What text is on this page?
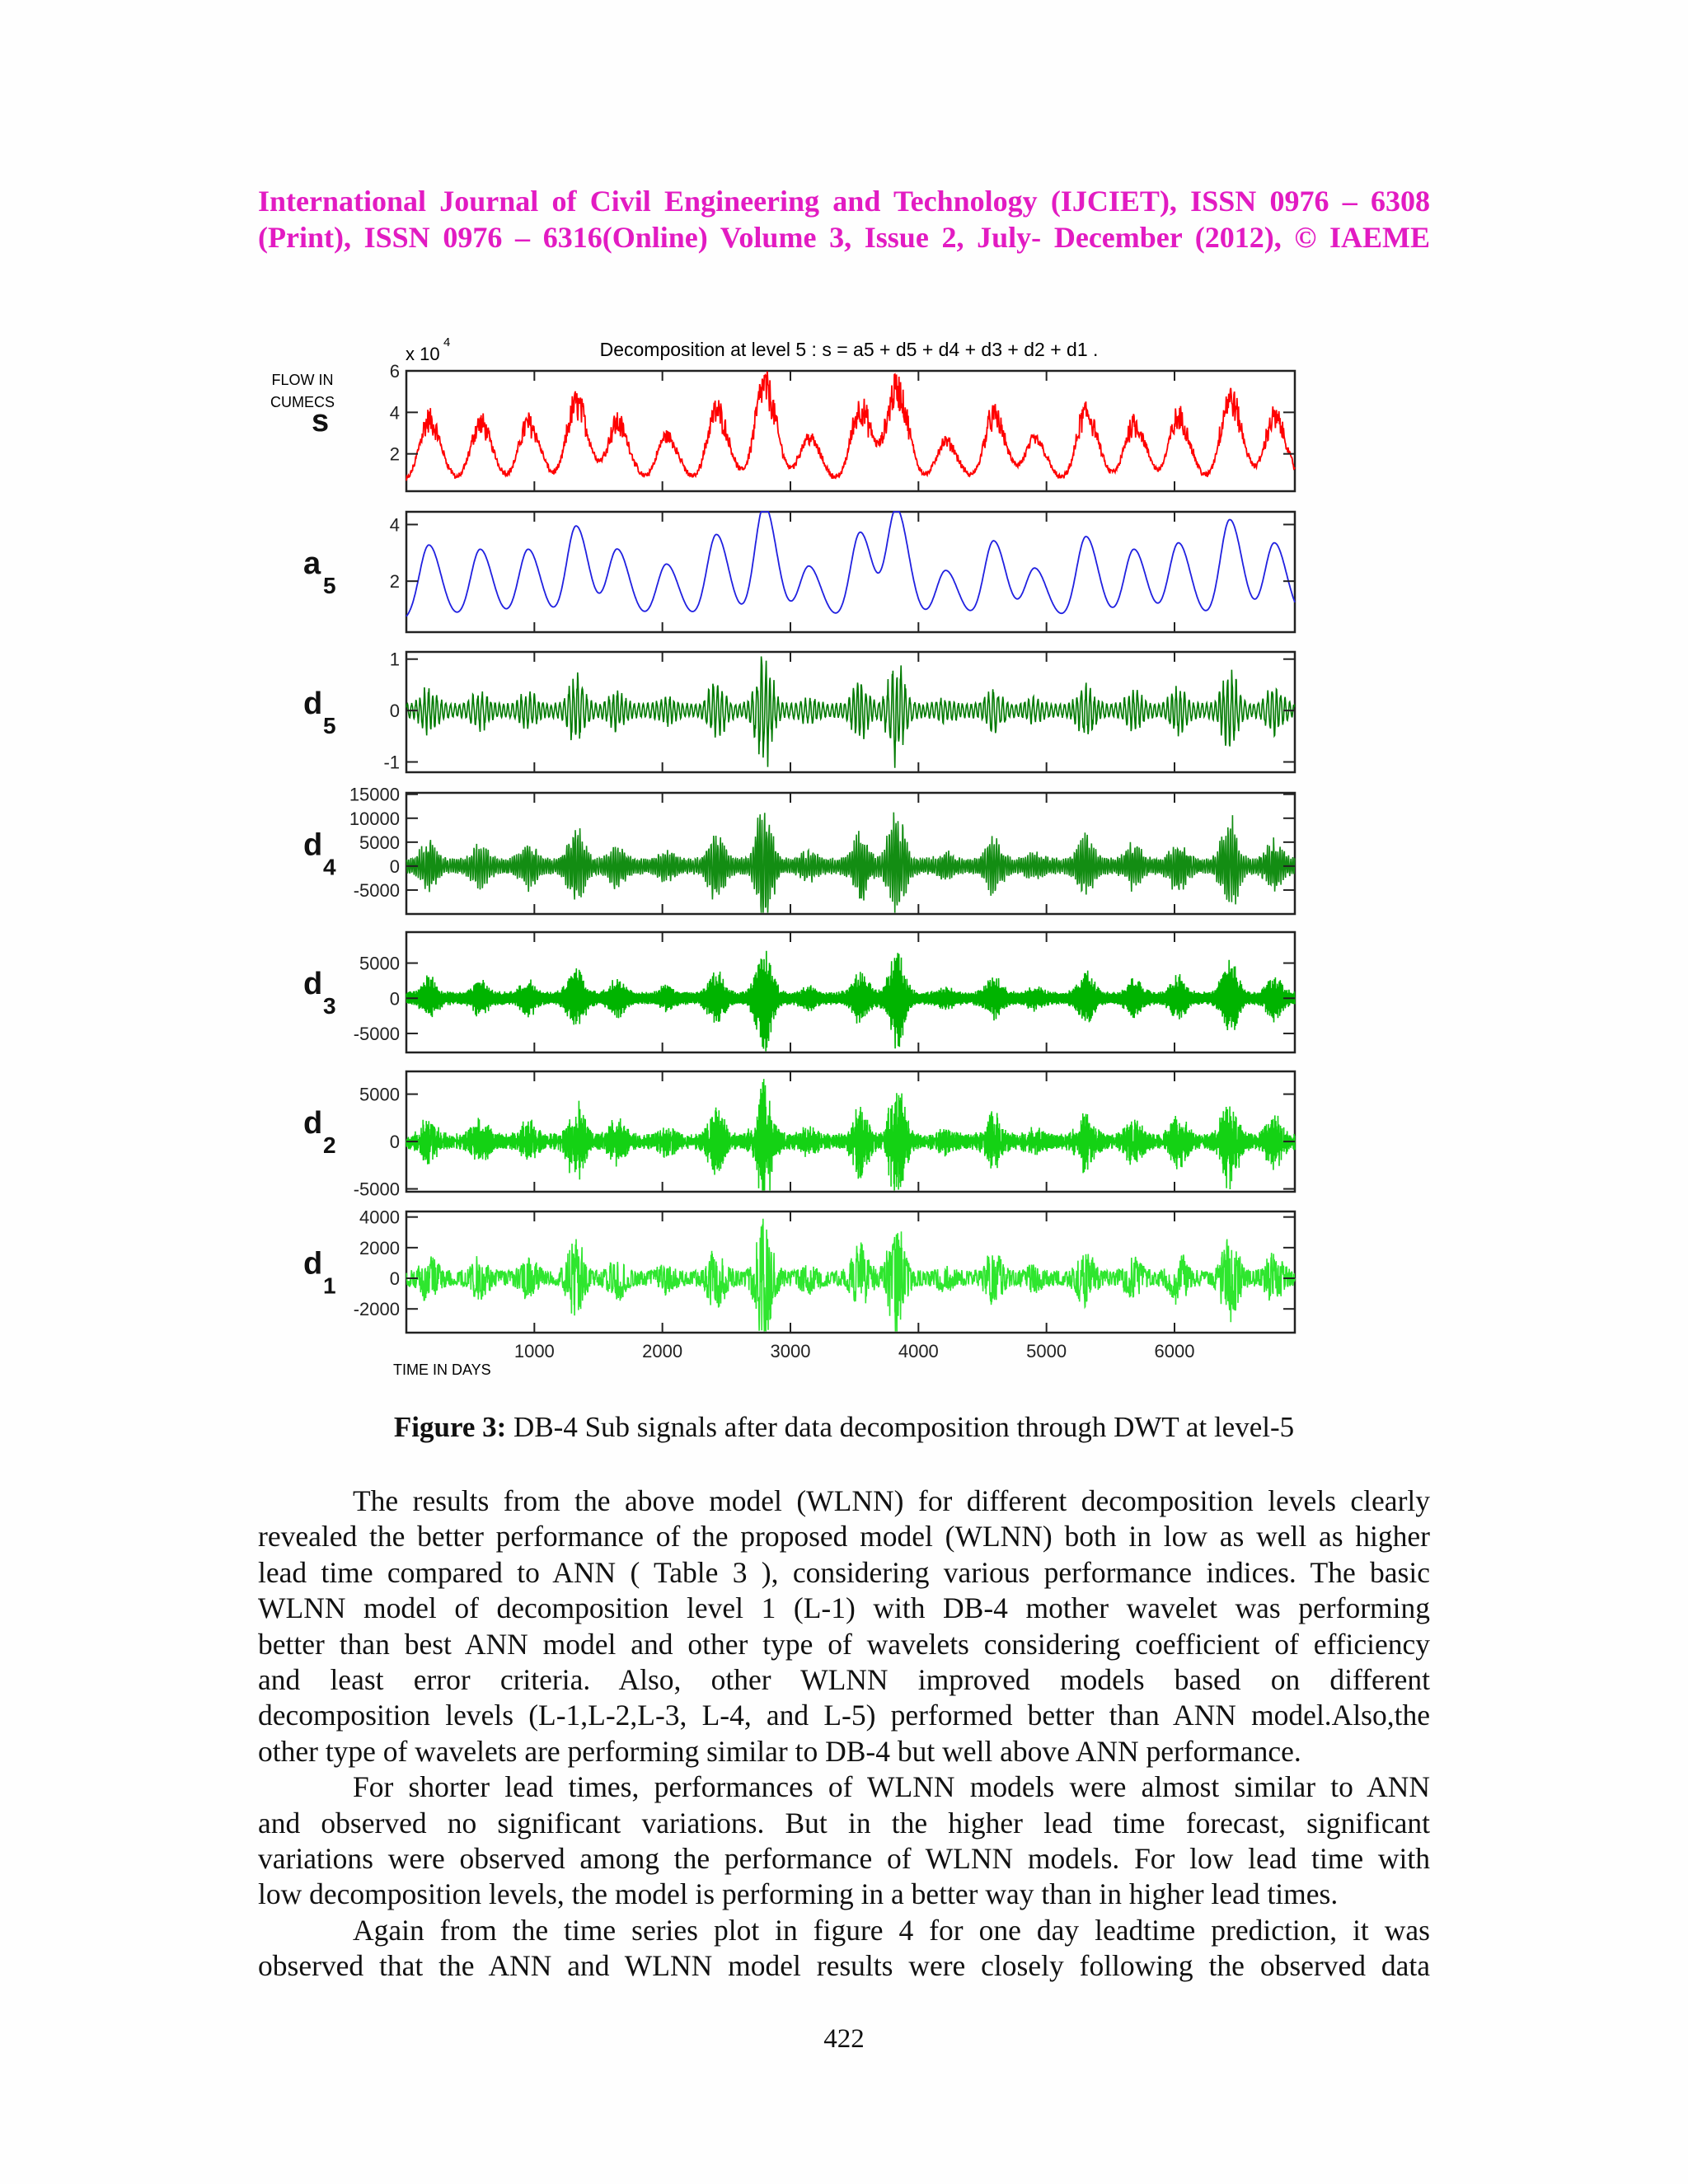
International Journal of Civil Engineering and Technology (IJCIET), ISSN 0976 – 6308
(Print), ISSN 0976 – 6316(Online) Volume 3, Issue 2, July- December (2012), © IAEME
Decomposition at level 5 : s = a5 + d5 + d4 + d3 + d2 + d1 .
x 10
4
FLOW IN
CUMECS
TIME IN DAYS
2
4
6
s
2
4
a
5
-1
0
1
d
5
-5000
0
5000
10000
15000
d
4
-5000
0
5000
d
3
-5000
0
5000
d
2
-2000
0
2000
4000
d
1
1000	2000	3000	4000	5000	6000
Figure 3: DB-4 Sub signals after data decomposition through DWT at level-5
The results from the above model (WLNN) for different decomposition levels clearly
revealed the better performance of the proposed model (WLNN) both in low as well as higher
lead time compared to ANN ( Table 3 ), considering various performance indices. The basic
WLNN model of decomposition level 1 (L-1) with DB-4 mother wavelet was performing
better than best ANN model and other type of wavelets considering coefficient of efficiency
and least error criteria. Also, other WLNN improved models based on different
decomposition levels (L-1,L-2,L-3, L-4, and L-5) performed better than ANN model.Also,the
other type of wavelets are performing similar to DB-4 but well above ANN performance.
For shorter lead times, performances of WLNN models were almost similar to ANN
and observed no significant variations. But in the higher lead time forecast, significant
variations were observed among the performance of WLNN models. For low lead time with
low decomposition levels, the model is performing in a better way than in higher lead times.
Again from the time series plot in figure 4 for one day leadtime prediction, it was
observed that the ANN and WLNN model results were closely following the observed data
422
